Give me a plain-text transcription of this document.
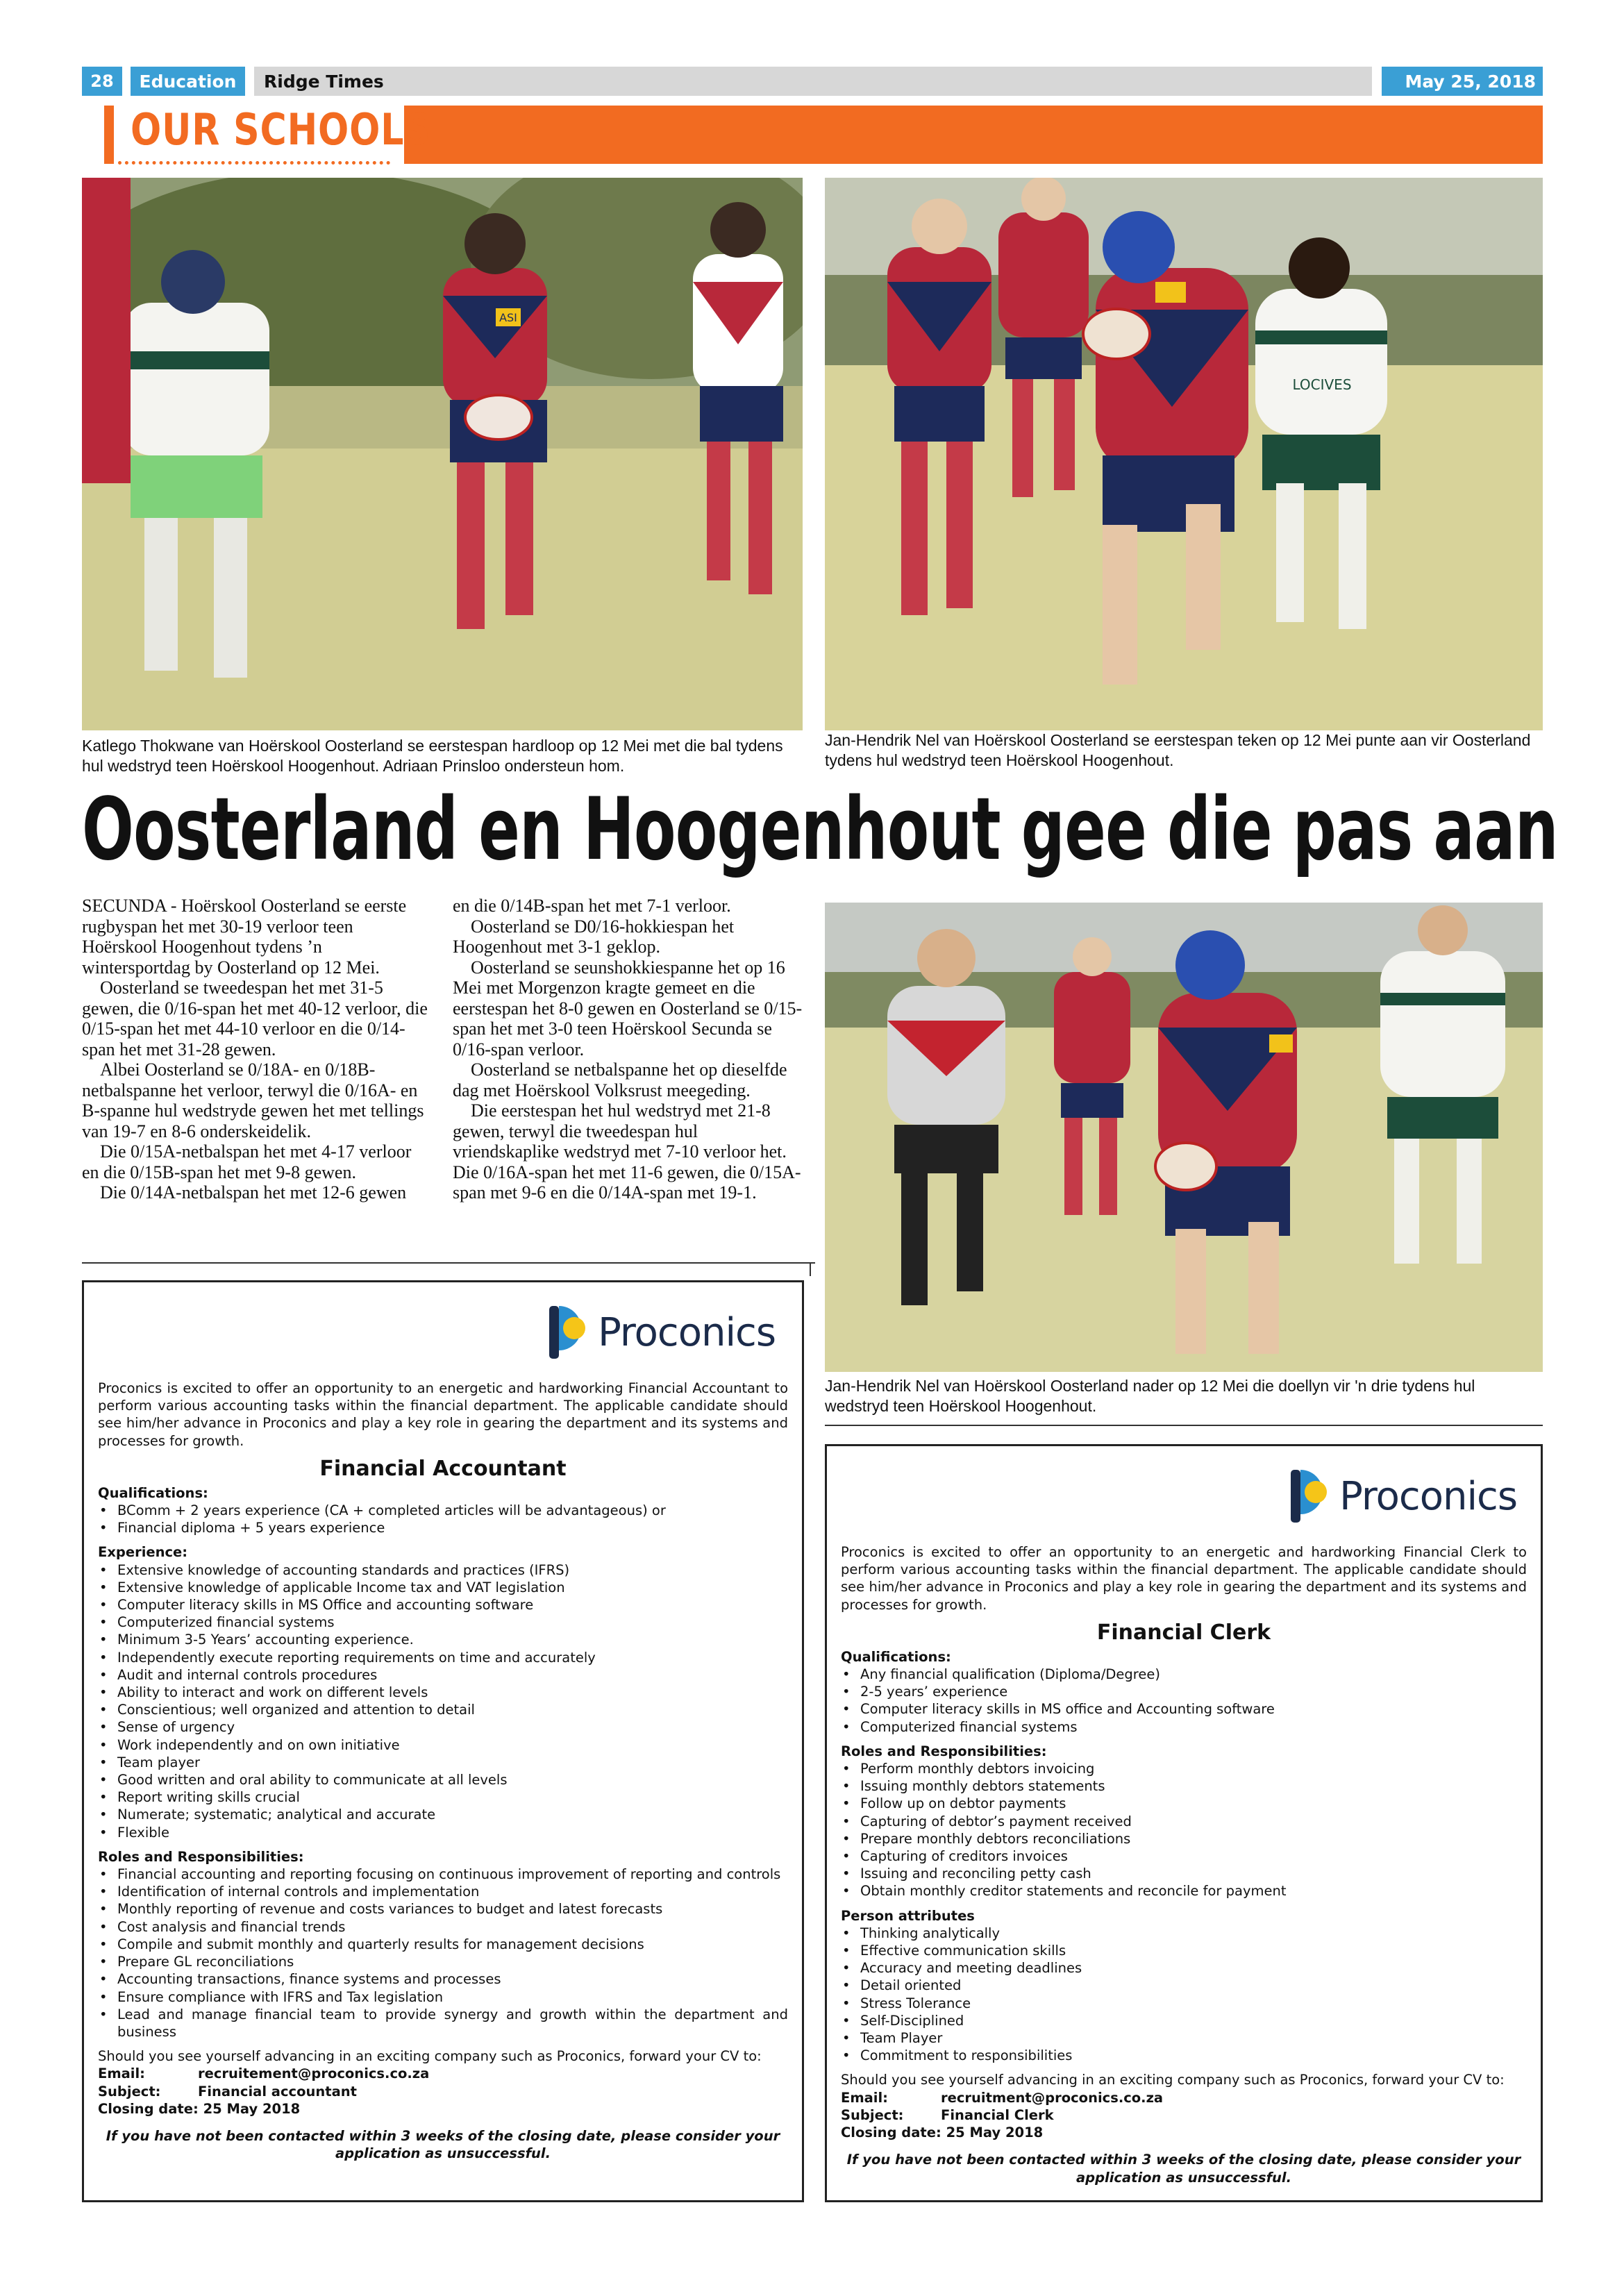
28	Education	Ridge Times	May 25, 2018
OUR SCHOOLS
ASI
Katlego Thokwane van Hoërskool Oosterland se eerstespan hardloop op 12 Mei met die bal tydens hul wedstryd teen Hoërskool Hoogenhout. Adriaan Prinsloo ondersteun hom.
LOCIVES
Jan-Hendrik Nel van Hoërskool Oosterland se eerstespan teken op 12 Mei punte aan vir Oosterland tydens hul wedstryd teen Hoërskool Hoogenhout.
Oosterland en Hoogenhout gee die pas aan

SECUNDA - Hoërskool Oosterland se eerste rugbyspan het met 30-19 verloor teen Hoërskool Hoogenhout tydens ’n wintersportdag by Oosterland op 12 Mei.

Oosterland se tweedespan het met 31-5 gewen, die 0/16-span het met 40-12 verloor, die 0/15-span het met 44-10 verloor en die 0/14-span het met 31-28 gewen.

Albei Oosterland se 0/18A- en 0/18B-netbalspanne het verloor, terwyl die 0/16A- en B-spanne hul wedstryde gewen het met tellings van 19-7 en 8-6 onderskeidelik.

Die 0/15A-netbalspan het met 4-17 verloor en die 0/15B-span het met 9-8 gewen.

Die 0/14A-netbalspan het met 12-6 gewen

en die 0/14B-span het met 7-1 verloor.

Oosterland se D0/16-hokkiespan het Hoogenhout met 3-1 geklop.

Oosterland se seunshokkiespanne het op 16 Mei met Morgenzon kragte gemeet en die eerstespan het 8-0 gewen en Oosterland se 0/15-span het met 3-0 teen Hoërskool Secunda se 0/16-span verloor.

Oosterland se netbalspanne het op dieselfde dag met Hoërskool Volksrust meegeding.

Die eerstespan het hul wedstryd met 21-8 gewen, terwyl die tweedespan hul vriendskaplike wedstryd met 7-10 verloor het. Die 0/16A-span het met 11-6 gewen, die 0/15A-span met 9-6 en die 0/14A-span met 19-1.

Jan-Hendrik Nel van Hoërskool Oosterland nader op 12 Mei die doellyn vir 'n drie tydens hul wedstryd teen Hoërskool Hoogenhout.
Proconics
Proconics is excited to offer an opportunity to an energetic and hardworking Financial Accountant to perform various accounting tasks within the financial department. The applicable candidate should see him/her advance in Proconics and play a key role in gearing the department and its systems and processes for growth.
Financial Accountant
Qualifications:
• BComm + 2 years experience (CA + completed articles will be advantageous) or
• Financial diploma + 5 years experience
Experience:
• Extensive knowledge of accounting standards and practices (IFRS)
• Extensive knowledge of applicable Income tax and VAT legislation
• Computer literacy skills in MS Office and accounting software
• Computerized financial systems
• Minimum 3-5 Years’ accounting experience.
• Independently execute reporting requirements on time and accurately
• Audit and internal controls procedures
• Ability to interact and work on different levels
• Conscientious; well organized and attention to detail
• Sense of urgency
• Work independently and on own initiative
• Team player
• Good written and oral ability to communicate at all levels
• Report writing skills crucial
• Numerate; systematic; analytical and accurate
• Flexible
Roles and Responsibilities:
• Financial accounting and reporting focusing on continuous improvement of reporting and controls
• Identification of internal controls and implementation
• Monthly reporting of revenue and costs variances to budget and latest forecasts
• Cost analysis and financial trends
• Compile and submit monthly and quarterly results for management decisions
• Prepare GL reconciliations
• Accounting transactions, finance systems and processes
• Ensure compliance with IFRS and Tax legislation
• Lead and manage financial team to provide synergy and growth within the department and business
Should you see yourself advancing in an exciting company such as Proconics, forward your CV to:
Email:	recruitement@proconics.co.za
Subject:	Financial accountant
Closing date: 25 May 2018
If you have not been contacted within 3 weeks of the closing date, please consider your application as unsuccessful.
Proconics
Proconics is excited to offer an opportunity to an energetic and hardworking Financial Clerk to perform various accounting tasks within the financial department. The applicable candidate should see him/her advance in Proconics and play a key role in gearing the department and its systems and processes for growth.
Financial Clerk
Qualifications:
• Any financial qualification (Diploma/Degree)
• 2-5 years’ experience
• Computer literacy skills in MS office and Accounting software
• Computerized financial systems
Roles and Responsibilities:
• Perform monthly debtors invoicing
• Issuing monthly debtors statements
• Follow up on debtor payments
• Capturing of debtor’s payment received
• Prepare monthly debtors reconciliations
• Capturing of creditors invoices
• Issuing and reconciling petty cash
• Obtain monthly creditor statements and reconcile for payment
Person attributes
• Thinking analytically
• Effective communication skills
• Accuracy and meeting deadlines
• Detail oriented
• Stress Tolerance
• Self-Disciplined
• Team Player
• Commitment to responsibilities
Should you see yourself advancing in an exciting company such as Proconics, forward your CV to:
Email:	recruitment@proconics.co.za
Subject:	Financial Clerk
Closing date: 25 May 2018
If you have not been contacted within 3 weeks of the closing date, please consider your application as unsuccessful.
